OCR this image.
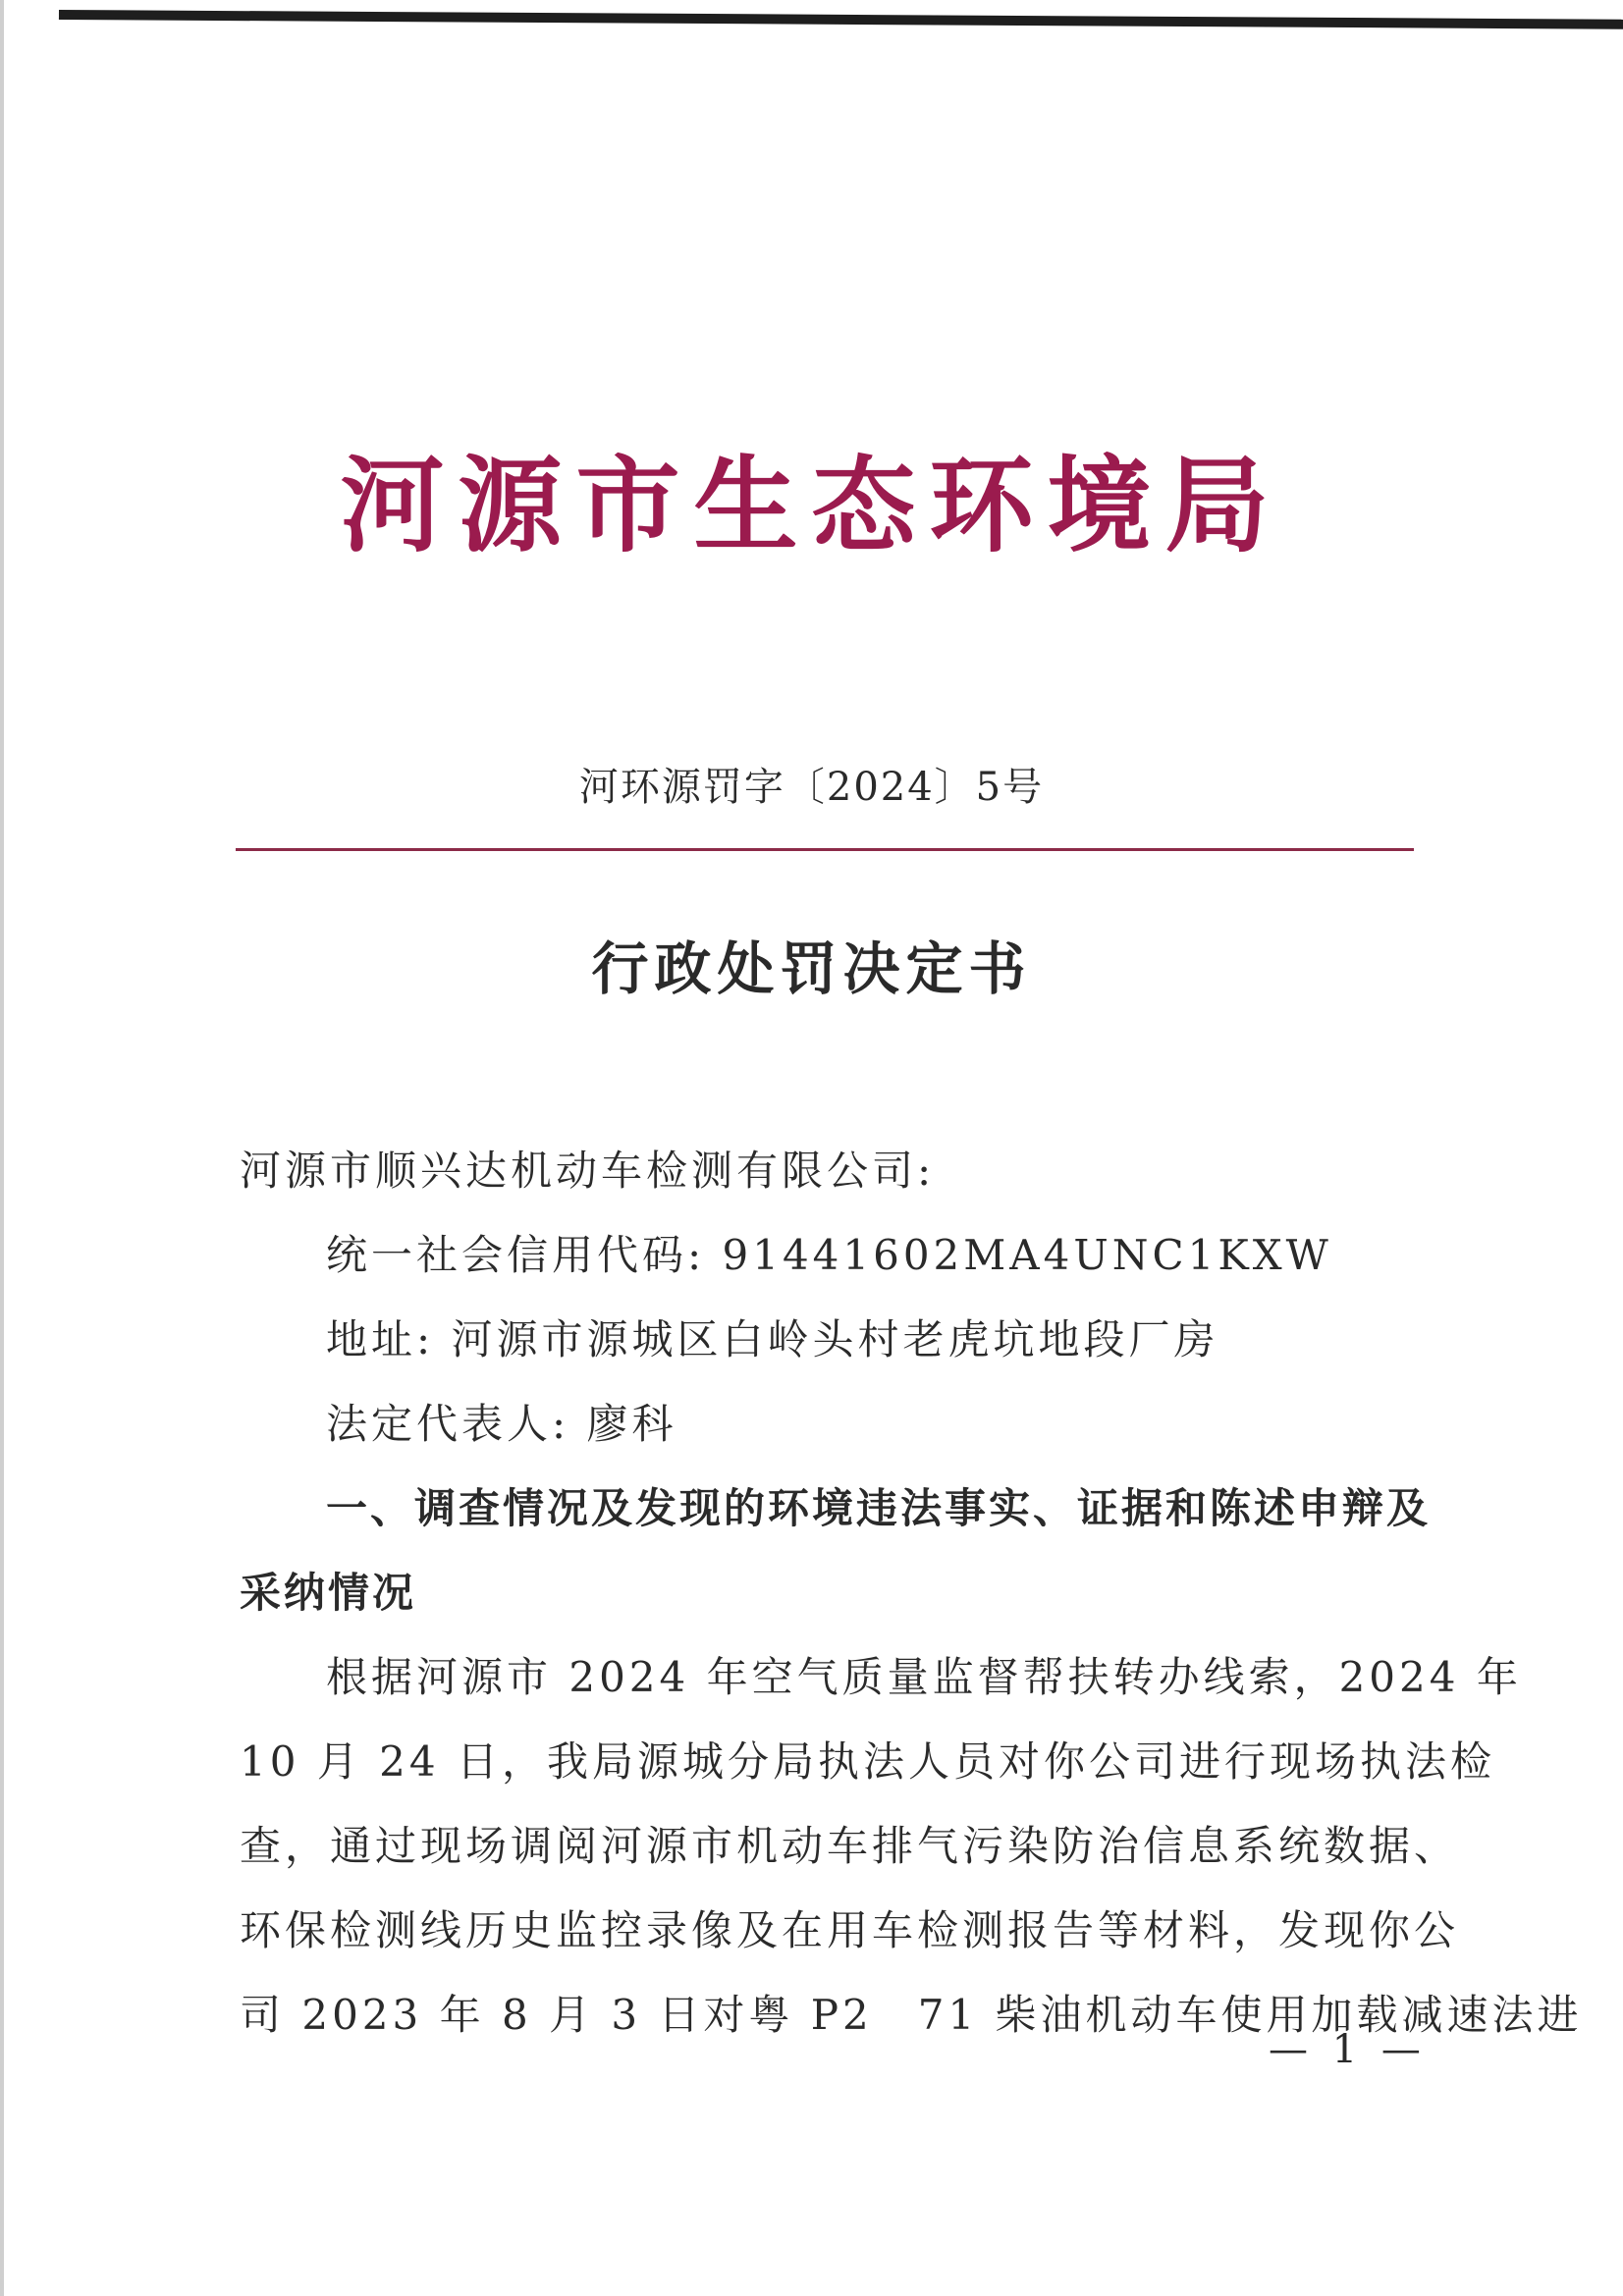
河源市生态环境局
河环源罚字〔2024〕5号
行政处罚决定书

河源市顺兴达机动车检测有限公司:

统一社会信用代码: 91441602MA4UNC1KXW

地址: 河源市源城区白岭头村老虎坑地段厂房

法定代表人: 廖科

一、调查情况及发现的环境违法事实、证据和陈述申辩及
采纳情况

根据河源市 2024 年空气质量监督帮扶转办线索，2024 年
10 月 24 日，我局源城分局执法人员对你公司进行现场执法检
查，通过现场调阅河源市机动车排气污染防治信息系统数据、
环保检测线历史监控录像及在用车检测报告等材料，发现你公
司 2023 年 8 月 3 日对粤 P2　71 柴油机动车使用加载减速法进

— 1 —
